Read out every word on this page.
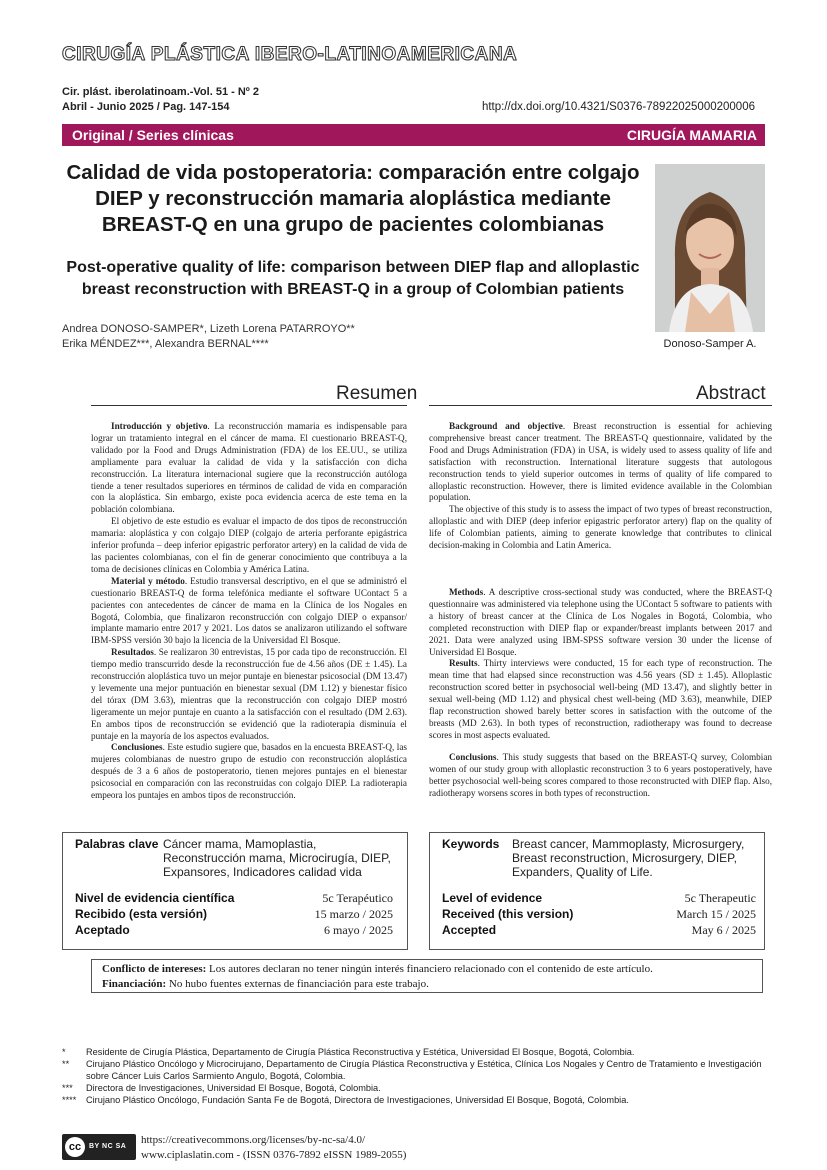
CIRUGÍA PLÁSTICA IBERO-LATINOAMERICANA
Cir. plást. iberolatinoam.-Vol. 51 - Nº 2
Abril - Junio 2025 / Pag. 147-154	http://dx.doi.org/10.4321/S0376-78922025000200006
Original / Series clínicas	CIRUGÍA MAMARIA
Calidad de vida postoperatoria: comparación entre colgajo DIEP y reconstrucción mamaria aloplástica mediante BREAST-Q en una grupo de pacientes colombianas
Post-operative quality of life: comparison between DIEP flap and alloplastic breast reconstruction with BREAST-Q in a group of Colombian patients
Donoso-Samper A.
Andrea DONOSO-SAMPER*, Lizeth Lorena PATARROYO**
Erika MÉNDEZ***, Alexandra BERNAL****
Resumen	Abstract

Introducción y objetivo. La reconstrucción mamaria es indispensable para lograr un tratamiento integral en el cáncer de mama. El cuestionario BREAST-Q, validado por la Food and Drugs Administration (FDA) de los EE.UU., se utiliza ampliamente para evaluar la calidad de vida y la satisfacción con dicha reconstrucción. La literatura internacional sugiere que la reconstrucción autóloga tiende a tener resultados superiores en términos de calidad de vida en comparación con la aloplástica. Sin embargo, existe poca evidencia acerca de este tema en la población colombiana.

El objetivo de este estudio es evaluar el impacto de dos tipos de reconstrucción mamaria: aloplástica y con colgajo DIEP (colgajo de arteria perforante epigástrica inferior profunda – deep inferior epigastric perforator artery) en la calidad de vida de las pacientes colombianas, con el fin de generar conocimiento que contribuya a la toma de decisiones clínicas en Colombia y América Latina.

Material y método. Estudio transversal descriptivo, en el que se administró el cuestionario BREAST-Q de forma telefónica mediante el software UContact 5 a pacientes con antecedentes de cáncer de mama en la Clínica de los Nogales en Bogotá, Colombia, que finalizaron reconstrucción con colgajo DIEP o expansor/ implante mamario entre 2017 y 2021. Los datos se analizaron utilizando el software IBM-SPSS versión 30 bajo la licencia de la Universidad El Bosque.

Resultados. Se realizaron 30 entrevistas, 15 por cada tipo de reconstrucción. El tiempo medio transcurrido desde la reconstrucción fue de 4.56 años (DE ± 1.45). La reconstrucción aloplástica tuvo un mejor puntaje en bienestar psicosocial (DM 13.47) y levemente una mejor puntuación en bienestar sexual (DM 1.12) y bienestar físico del tórax (DM 3.63), mientras que la reconstrucción con colgajo DIEP mostró ligeramente un mejor puntaje en cuanto a la satisfacción con el resultado (DM 2.63). En ambos tipos de reconstrucción se evidenció que la radioterapia disminuía el puntaje en la mayoría de los aspectos evaluados.

Conclusiones. Este estudio sugiere que, basados en la encuesta BREAST-Q, las mujeres colombianas de nuestro grupo de estudio con reconstrucción aloplástica después de 3 a 6 años de postoperatorio, tienen mejores puntajes en el bienestar psicosocial en comparación con las reconstruidas con colgajo DIEP. La radioterapia empeora los puntajes en ambos tipos de reconstrucción.

Background and objective. Breast reconstruction is essential for achieving comprehensive breast cancer treatment. The BREAST-Q questionnaire, validated by the Food and Drugs Administration (FDA) in USA, is widely used to assess quality of life and satisfaction with reconstruction. International literature suggests that autologous reconstruction tends to yield superior outcomes in terms of quality of life compared to alloplastic reconstruction. However, there is limited evidence available in the Colombian population.

The objective of this study is to assess the impact of two types of breast reconstruction, alloplastic and with DIEP (deep inferior epigastric perforator artery) flap on the quality of life of Colombian patients, aiming to generate knowledge that contributes to clinical decision-making in Colombia and Latin America.

Methods. A descriptive cross-sectional study was conducted, where the BREAST-Q questionnaire was administered via telephone using the UContact 5 software to patients with a history of breast cancer at the Clínica de Los Nogales in Bogotá, Colombia, who completed reconstruction with DIEP flap or expander/breast implants between 2017 and 2021. Data were analyzed using IBM-SPSS software version 30 under the license of Universidad El Bosque.

Results. Thirty interviews were conducted, 15 for each type of reconstruction. The mean time that had elapsed since reconstruction was 4.56 years (SD ± 1.45). Alloplastic reconstruction scored better in psychosocial well-being (MD 13.47), and slightly better in sexual well-being (MD 1.12) and physical chest well-being (MD 3.63), meanwhile, DIEP flap reconstruction showed barely better scores in satisfaction with the outcome of the breasts (MD 2.63). In both types of reconstruction, radiotherapy was found to decrease scores in most aspects evaluated.

Conclusions. This study suggests that based on the BREAST-Q survey, Colombian women of our study group with alloplastic reconstruction 3 to 6 years postoperatively, have better psychosocial well-being scores compared to those reconstructed with DIEP flap. Also, radiotherapy worsens scores in both types of reconstruction.

Palabras clave Cáncer mama, Mamoplastia, Reconstrucción mama, Microcirugía, DIEP, Expansores, Indicadores calidad vida
Nivel de evidencia científica	5c Terapéutico
Recibido (esta versión)	15 marzo / 2025
Aceptado	6 mayo / 2025
Keywords Breast cancer, Mammoplasty, Microsurgery, Breast reconstruction, Microsurgery, DIEP, Expanders, Quality of Life.
Level of evidence	5c Therapeutic
Received (this version)	March 15 / 2025
Accepted	May 6 / 2025
Conflicto de intereses: Los autores declaran no tener ningún interés financiero relacionado con el contenido de este artículo.
Financiación: No hubo fuentes externas de financiación para este trabajo.
*	Residente de Cirugía Plástica, Departamento de Cirugía Plástica Reconstructiva y Estética, Universidad El Bosque, Bogotá, Colombia.
**	Cirujano Plástico Oncólogo y Microcirujano, Departamento de Cirugía Plástica Reconstructiva y Estética, Clínica Los Nogales y Centro de Tratamiento e Investigación sobre Cáncer Luis Carlos Sarmiento Angulo, Bogotá, Colombia.
***	Directora de Investigaciones, Universidad El Bosque, Bogotá, Colombia.
****	Cirujano Plástico Oncólogo, Fundación Santa Fe de Bogotá, Directora de Investigaciones, Universidad El Bosque, Bogotá, Colombia.
cc	BY NC SA
https://creativecommons.org/licenses/by-nc-sa/4.0/
www.ciplaslatin.com - (ISSN 0376-7892 eISSN 1989-2055)
